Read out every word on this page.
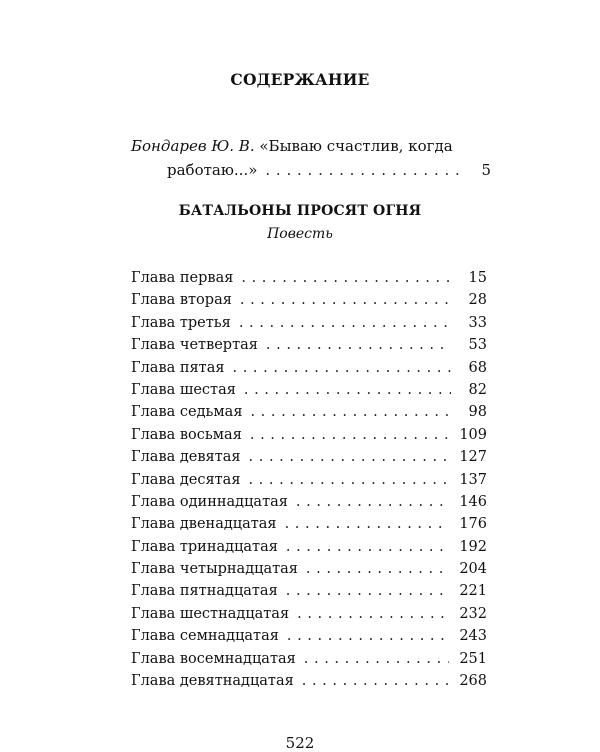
СОДЕРЖАНИЕ
Бондарев Ю. В. «Бываю счастлив, когда
работаю...» . . .	5
БАТАЛЬОНЫ ПРОСЯТ ОГНЯ
Повесть
Глава первая . . .	15
Глава вторая . . .	28
Глава третья . . .	33
Глава четвертая . . .	53
Глава пятая . . .	68
Глава шестая . . .	82
Глава седьмая . . .	98
Глава восьмая . . .	109
Глава девятая . . .	127
Глава десятая . . .	137
Глава одиннадцатая . . .	146
Глава двенадцатая . . .	176
Глава тринадцатая . . .	192
Глава четырнадцатая . . .	204
Глава пятнадцатая . . .	221
Глава шестнадцатая . . .	232
Глава семнадцатая . . .	243
Глава восемнадцатая . . .	251
Глава девятнадцатая . . .	268
522
